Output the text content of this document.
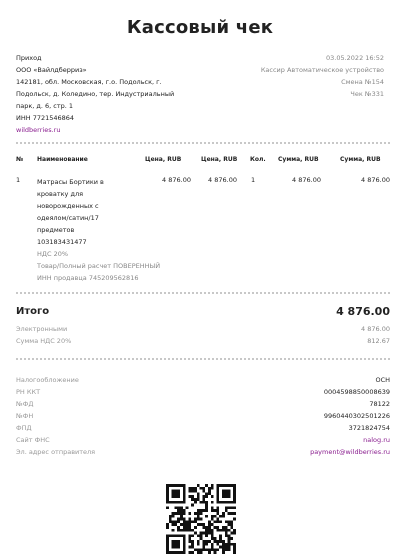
Кассовый чек
Приход
ООО «Вайлдберриз»
142181, обл. Московская, г.о. Подольск, г.
Подольск, д. Коледино, тер. Индустриальный
парк, д. 6, стр. 1
ИНН 7721546864
wildberries.ru
03.05.2022 16:52
Кассир Автоматическое устройство
Смена №154
Чек №331
№ Наименование	Цена, RUB	Цена, RUB Кол. Сумма, RUB	Сумма, RUB
1	Матрасы Бортики в
кроватку для
новорожденных с
одеялом/сатин/17
предметов
103183431477
НДС 20%
Товар/Полный расчет ПОВЕРЕННЫЙ
ИНН продавца 745209562816
4 876.00	4 876.00 1	4 876.00	4 876.00
Итого	4 876.00
Электронными	4 876.00
Сумма НДС 20%	812.67
Налогообложение	ОСН
РН ККТ	0004598850008639
№ФД	78122
№ФН	9960440302501226
ФПД	3721824754
Сайт ФНС	nalog.ru
Эл. адрес отправителя	payment@wildberries.ru
